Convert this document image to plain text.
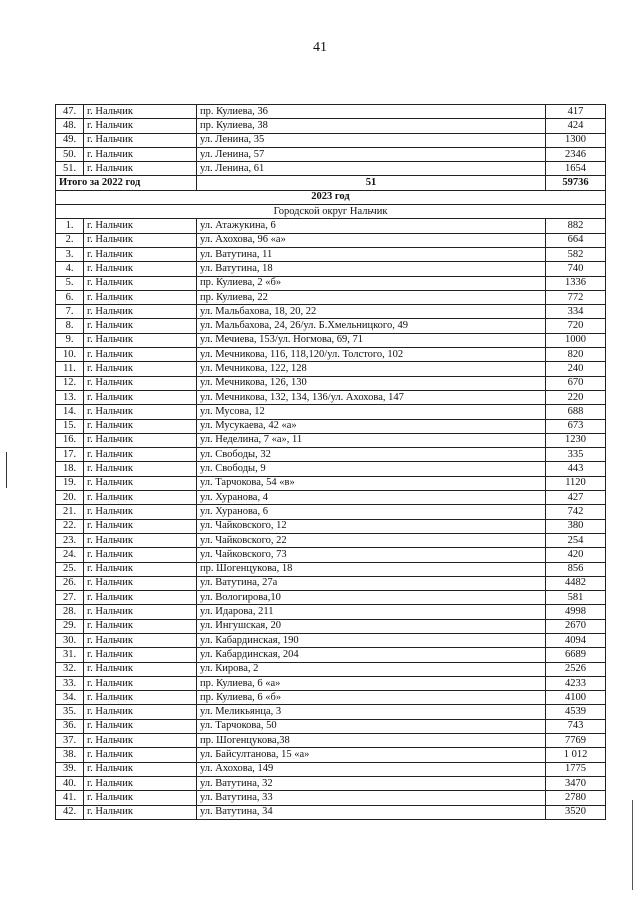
41
47.	г. Нальчик	пр. Кулиева, 36	417
48.	г. Нальчик	пр. Кулиева, 38	424
49.	г. Нальчик	ул. Ленина, 35	1300
50.	г. Нальчик	ул. Ленина, 57	2346
51.	г. Нальчик	ул. Ленина, 61	1654
Итого за 2022 год		51	59736
2023 год			
Городской округ Нальчик			
1.	г. Нальчик	ул. Атажукина, 6	882
2.	г. Нальчик	ул. Ахохова, 96 «а»	664
3.	г. Нальчик	ул. Ватутина, 11	582
4.	г. Нальчик	ул. Ватутина, 18	740
5.	г. Нальчик	пр. Кулиева, 2 «б»	1336
6.	г. Нальчик	пр. Кулиева, 22	772
7.	г. Нальчик	ул. Мальбахова, 18, 20, 22	334
8.	г. Нальчик	ул. Мальбахова, 24, 26/ул. Б.Хмельницкого, 49	720
9.	г. Нальчик	ул. Мечиева, 153/ул. Ногмова, 69, 71	1000
10.	г. Нальчик	ул. Мечникова, 116, 118,120/ул. Толстого, 102	820
11.	г. Нальчик	ул. Мечникова, 122, 128	240
12.	г. Нальчик	ул. Мечникова, 126, 130	670
13.	г. Нальчик	ул. Мечникова, 132, 134, 136/ул. Ахохова, 147	220
14.	г. Нальчик	ул. Мусова, 12	688
15.	г. Нальчик	ул. Мусукаева, 42 «а»	673
16.	г. Нальчик	ул. Неделина, 7 «а», 11	1230
17.	г. Нальчик	ул. Свободы, 32	335
18.	г. Нальчик	ул. Свободы, 9	443
19.	г. Нальчик	ул. Тарчокова, 54 «в»	1120
20.	г. Нальчик	ул. Хуранова, 4	427
21.	г. Нальчик	ул. Хуранова, 6	742
22.	г. Нальчик	ул. Чайковского, 12	380
23.	г. Нальчик	ул. Чайковского, 22	254
24.	г. Нальчик	ул. Чайковского, 73	420
25.	г. Нальчик	пр. Шогенцукова, 18	856
26.	г. Нальчик	ул. Ватутина, 27а	4482
27.	г. Нальчик	ул. Вологирова,10	581
28.	г. Нальчик	ул. Идарова, 211	4998
29.	г. Нальчик	ул. Ингушская, 20	2670
30.	г. Нальчик	ул. Кабардинская, 190	4094
31.	г. Нальчик	ул. Кабардинская, 204	6689
32.	г. Нальчик	ул. Кирова, 2	2526
33.	г. Нальчик	пр. Кулиева, 6 «а»	4233
34.	г. Нальчик	пр. Кулиева, 6 «б»	4100
35.	г. Нальчик	ул. Меликьянца, 3	4539
36.	г. Нальчик	ул. Тарчокова, 50	743
37.	г. Нальчик	пр. Шогенцукова,38	7769
38.	г. Нальчик	ул. Байсултанова, 15 «а»	1 012
39.	г. Нальчик	ул. Ахохова, 149	1775
40.	г. Нальчик	ул. Ватутина, 32	3470
41.	г. Нальчик	ул. Ватутина, 33	2780
42.	г. Нальчик	ул. Ватутина, 34	3520
